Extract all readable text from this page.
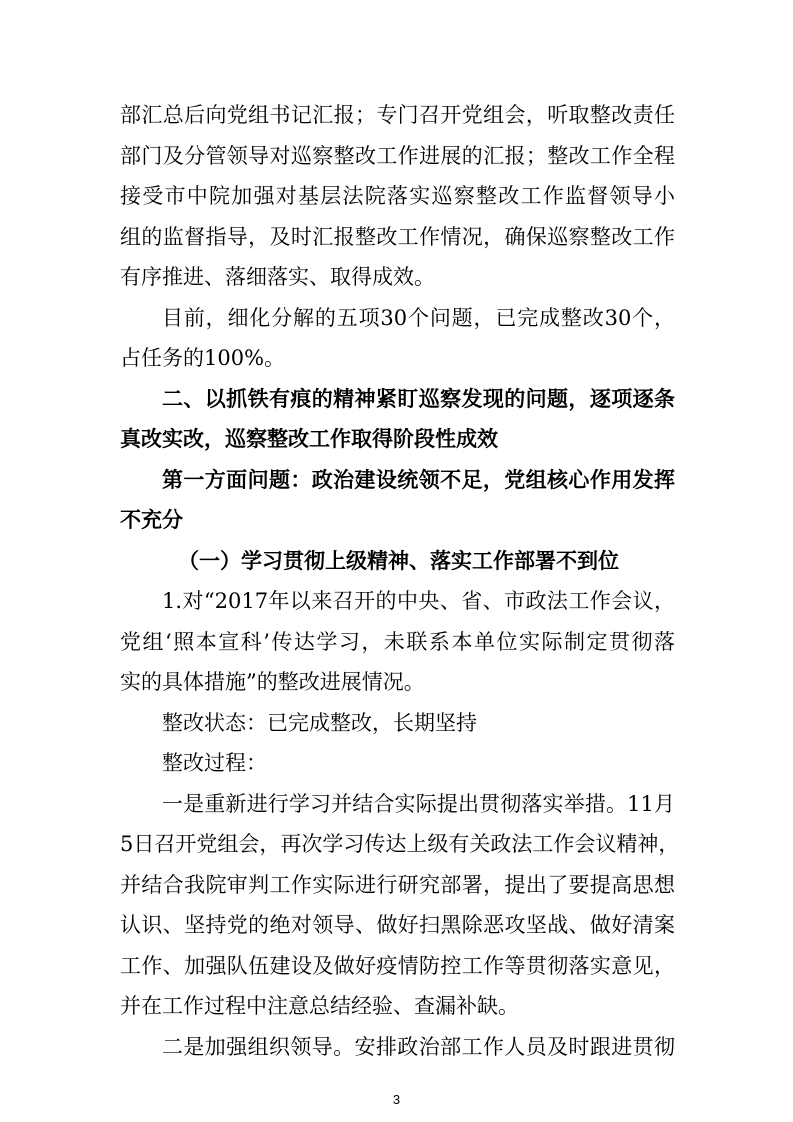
部汇总后向党组书记汇报；专门召开党组会，听取整改责任
部门及分管领导对巡察整改工作进展的汇报；整改工作全程
接受市中院加强对基层法院落实巡察整改工作监督领导小
组的监督指导，及时汇报整改工作情况，确保巡察整改工作
有序推进、落细落实、取得成效。
目前，细化分解的五项30个问题，已完成整改30个，
占任务的100%。
二、以抓铁有痕的精神紧盯巡察发现的问题，逐项逐条
真改实改，巡察整改工作取得阶段性成效
第一方面问题：政治建设统领不足，党组核心作用发挥
不充分
（一）学习贯彻上级精神、落实工作部署不到位
1.对“2017年以来召开的中央、省、市政法工作会议，
党组‘照本宣科’传达学习，未联系本单位实际制定贯彻落
实的具体措施”的整改进展情况。
整改状态：已完成整改，长期坚持
整改过程：
一是重新进行学习并结合实际提出贯彻落实举措。11月
5日召开党组会，再次学习传达上级有关政法工作会议精神，
并结合我院审判工作实际进行研究部署，提出了要提高思想
认识、坚持党的绝对领导、做好扫黑除恶攻坚战、做好清案
工作、加强队伍建设及做好疫情防控工作等贯彻落实意见，
并在工作过程中注意总结经验、查漏补缺。
二是加强组织领导。安排政治部工作人员及时跟进贯彻
3
